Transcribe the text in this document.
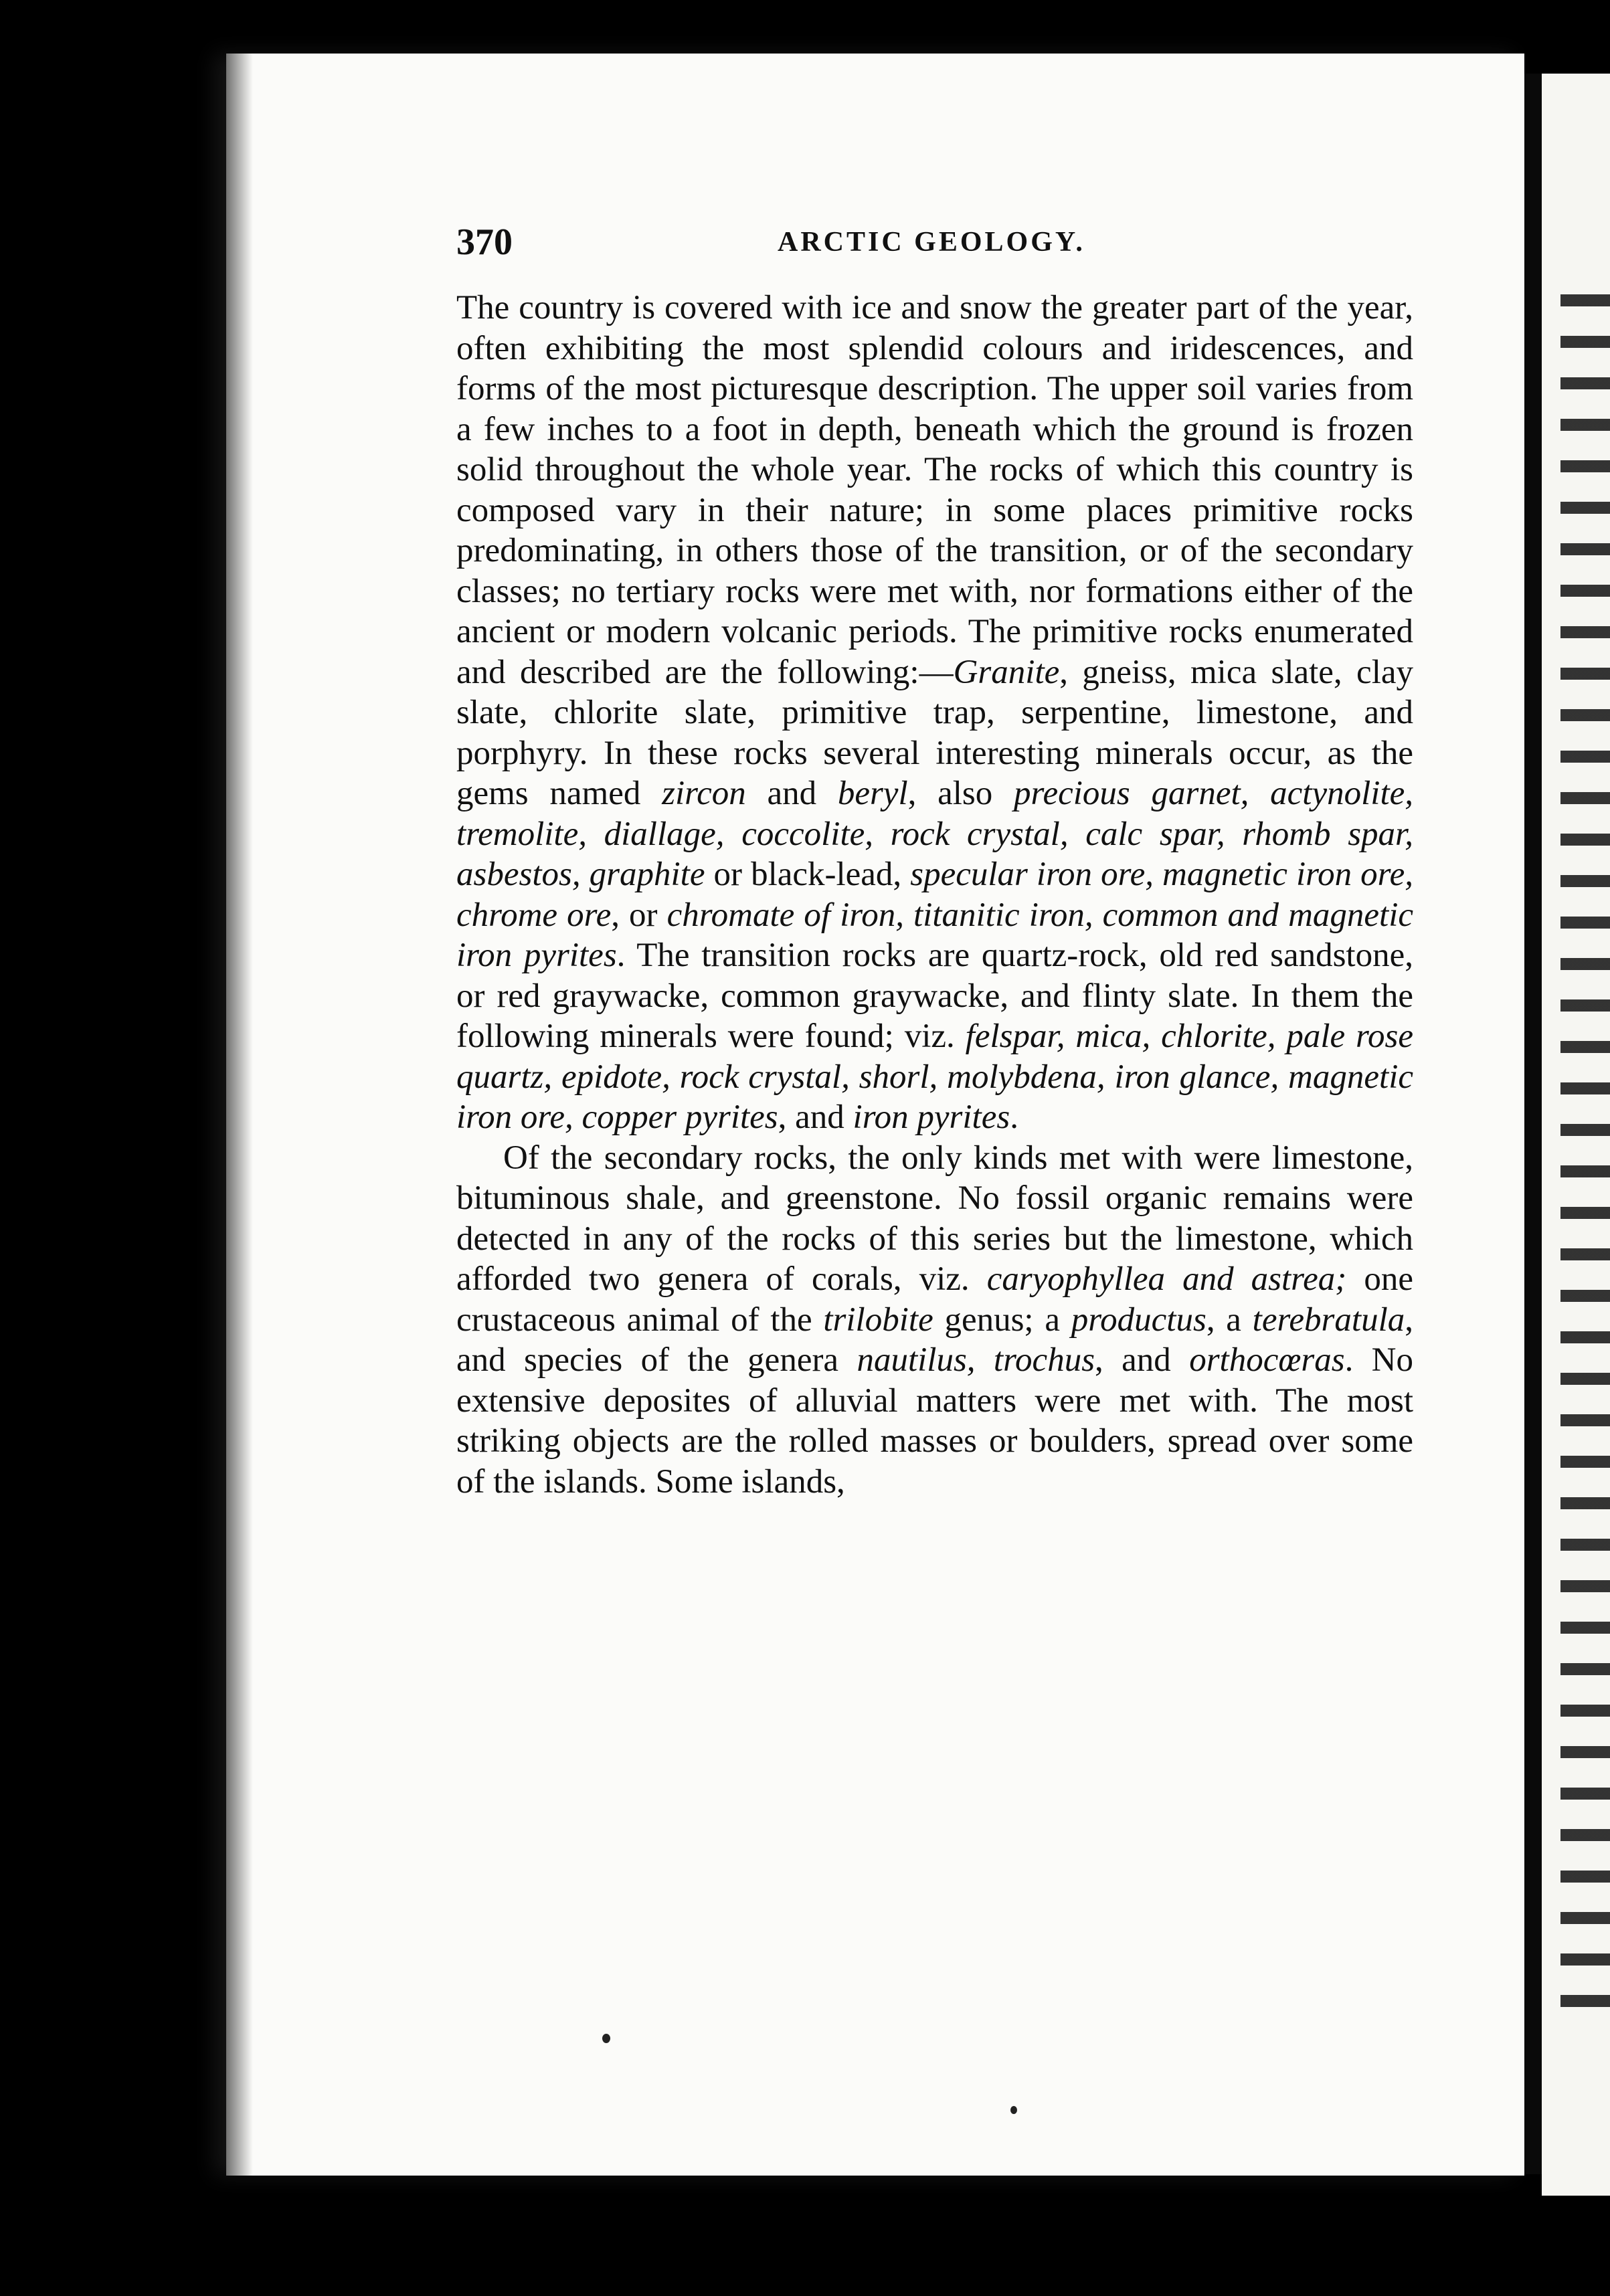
370	ARCTIC GEOLOGY.

The country is covered with ice and snow the greater part of the year, often exhibiting the most splendid colours and iridescences, and forms of the most picturesque description. The upper soil varies from a few inches to a foot in depth, beneath which the ground is frozen solid throughout the whole year. The rocks of which this country is composed vary in their nature; in some places primitive rocks predominating, in others those of the transition, or of the secondary classes; no tertiary rocks were met with, nor formations either of the ancient or modern volcanic periods. The primitive rocks enumerated and described are the following:—Granite, gneiss, mica slate, clay slate, chlorite slate, primitive trap, serpentine, limestone, and porphyry. In these rocks several interesting minerals occur, as the gems named zircon and beryl, also precious garnet, actynolite, tremolite, diallage, coccolite, rock crystal, calc spar, rhomb spar, asbestos, graphite or black-lead, specular iron ore, magnetic iron ore, chrome ore, or chromate of iron, titanitic iron, common and magnetic iron pyrites. The transition rocks are quartz-rock, old red sandstone, or red graywacke, common graywacke, and flinty slate. In them the following minerals were found; viz. felspar, mica, chlorite, pale rose quartz, epidote, rock crystal, shorl, molybdena, iron glance, magnetic iron ore, copper pyrites, and iron pyrites.

Of the secondary rocks, the only kinds met with were limestone, bituminous shale, and greenstone. No fossil organic remains were detected in any of the rocks of this series but the limestone, which afforded two genera of corals, viz. caryophyllea and astrea; one crustaceous animal of the trilobite genus; a productus, a terebratula, and species of the genera nautilus, trochus, and orthocœras. No extensive deposites of alluvial matters were met with. The most striking objects are the rolled masses or boulders, spread over some of the islands. Some islands,
